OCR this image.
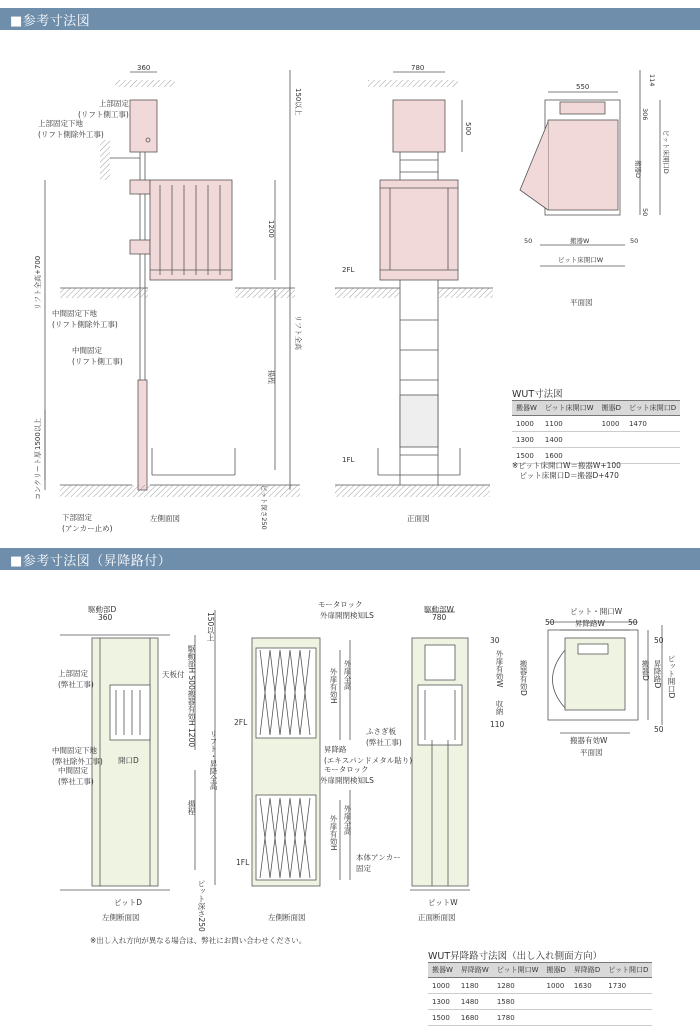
■参考寸法図
360
150以上
1200
リフト全高
揚程
リフト全高+700
1500以上
コンクリート厚
ピット深さ250
780
500
2FL
1FL
550
114
306
50
50	50
搬器D	ピット床開口D
搬器W
ピット床開口W
上部固定
(リフト側工事)
上部固定下地
(リフト側除外工事)
中間固定下地
(リフト側除外工事)
中間固定
(リフト側工事)
下部固定
(アンカー止め)
左側面図	正面図
平面図
WUT寸法図
搬器W	ピット床開口W	搬器D	ピット床開口D
1000	1100	1000	1470
1300	1400		
1500	1600		
※ピット床開口W＝搬器W+100
　ピット床開口D＝搬器D+470
■参考寸法図（昇降路付）
駆動部D
360	150以上
天板付 駆動部H 500
搬器有効H 1200
開口D	リフト・昇降全高
揚程
ピット深さ250
ピットD
上部固定
(弊社工事)
中間固定下地
(弊社除外工事)
中間固定
(弊社工事)
左側断面図
モータロック
外扉開閉検知LS
外扉有効H 外扉全高
昇降路
(エキスパンドメタル貼り)
モータロック
外扉開閉検知LS
外扉有効H 外扉全高
2FL
1FL
左側断面図
駆動部W
780
ふさぎ板
(弊社工事)
本体アンカー
固定
ピットW
正面断面図
ピット・開口W
昇降路W
搬器有効W
50	50
30
110
50
50
外扉有効W
収納
搬器有効D	搬器D 昇降路D ピット開口D
平面図
※出し入れ方向が異なる場合は、弊社にお問い合わせください。
WUT昇降路寸法図（出し入れ側面方向）
搬器W	昇降路W	ピット開口W	搬器D	昇降路D	ピット開口D
1000	1180	1280	1000	1630	1730
1300	1480	1580			
1500	1680	1780			
